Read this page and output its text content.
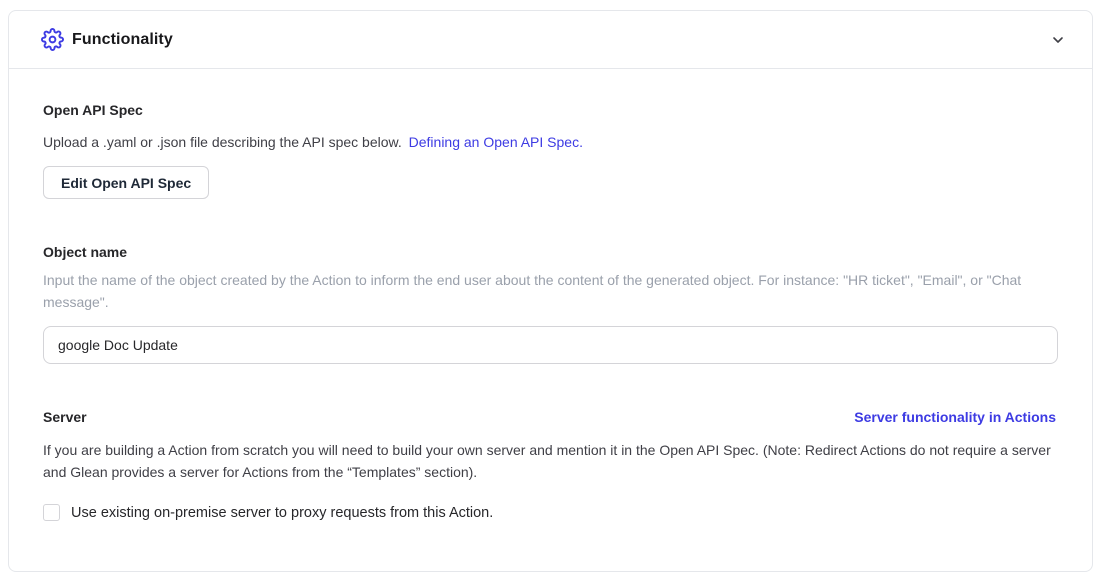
Functionality
Open API Spec
Upload a .yaml or .json file describing the API spec below. Defining an Open API Spec.
Edit Open API Spec
Object name
Input the name of the object created by the Action to inform the end user about the content of the generated object. For instance: "HR ticket", "Email", or "Chat message".
google Doc Update
Server	Server functionality in Actions
If you are building a Action from scratch you will need to build your own server and mention it in the Open API Spec. (Note: Redirect Actions do not require a server and Glean provides a server for Actions from the “Templates” section).
Use existing on-premise server to proxy requests from this Action.
